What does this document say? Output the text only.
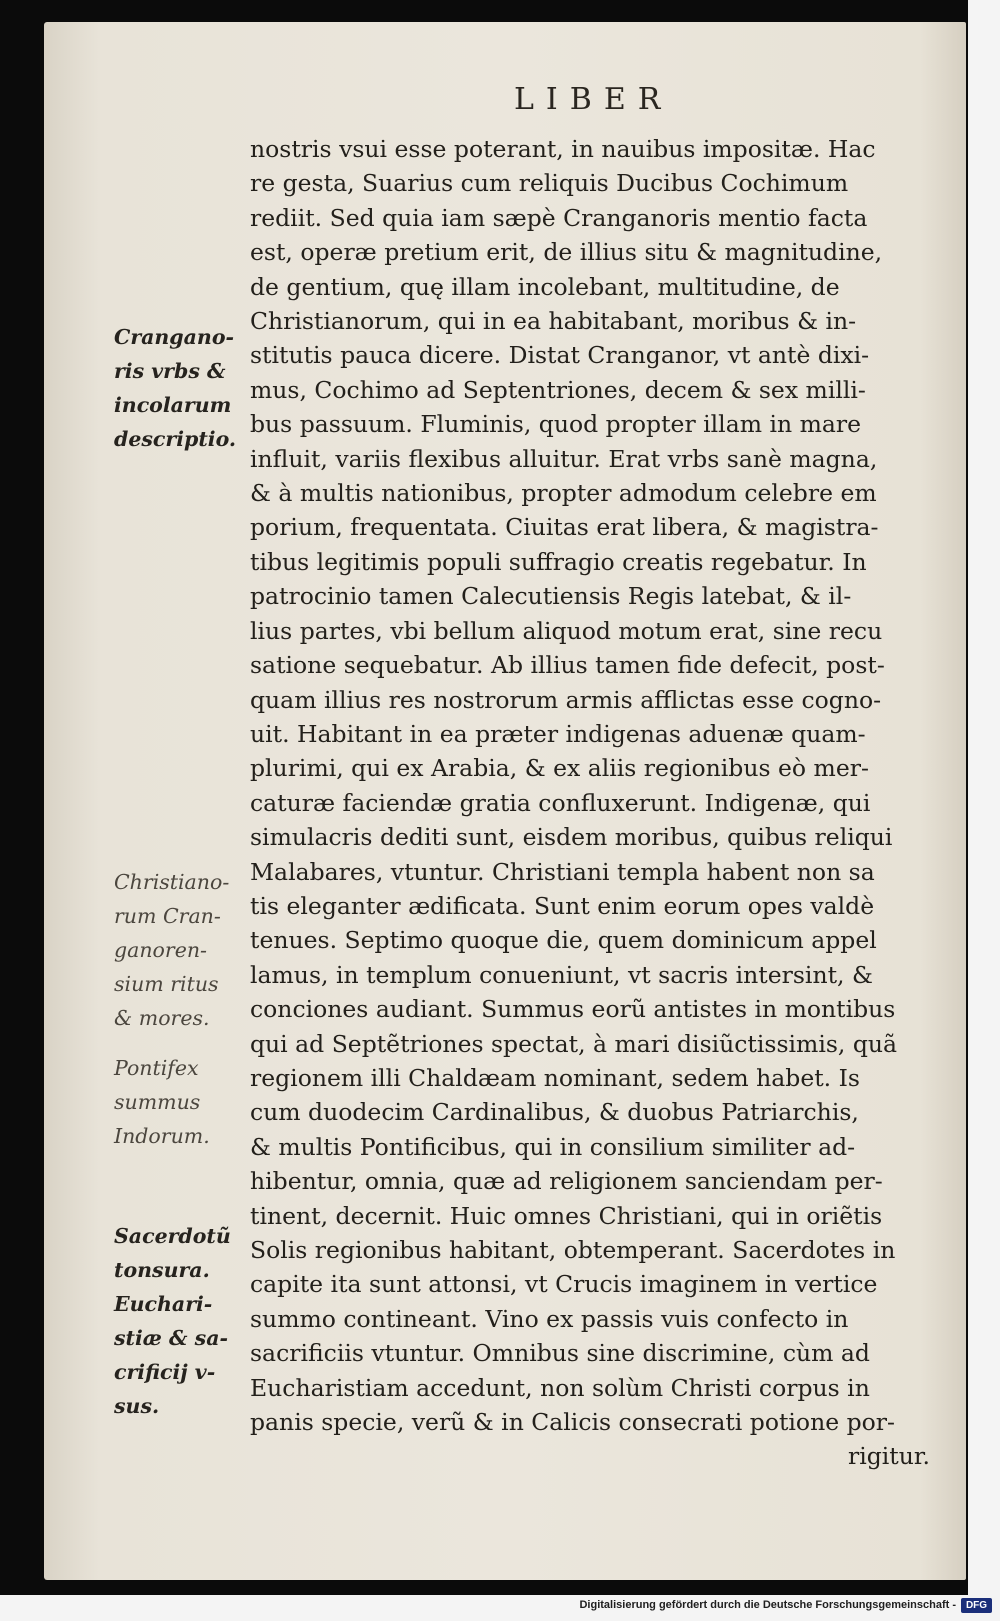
LIBER
nostris vsui esse poterant, in nauibus impositæ. Hac
re gesta, Suarius cum reliquis Ducibus Cochimum
rediit. Sed quia iam sæpè Cranganoris mentio facta
est, operæ pretium erit, de illius situ & magnitudine,
de gentium, quę illam incolebant, multitudine, de
Christianorum, qui in ea habitabant, moribus & in-
stitutis pauca dicere. Distat Cranganor, vt antè dixi-
mus, Cochimo ad Septentriones, decem & sex milli-
bus passuum. Fluminis, quod propter illam in mare
influit, variis flexibus alluitur. Erat vrbs sanè magna,
& à multis nationibus, propter admodum celebre em
porium, frequentata. Ciuitas erat libera, & magistra-
tibus legitimis populi suffragio creatis regebatur. In
patrocinio tamen Calecutiensis Regis latebat, & il-
lius partes, vbi bellum aliquod motum erat, sine recu
satione sequebatur. Ab illius tamen fide defecit, post-
quam illius res nostrorum armis afflictas esse cogno-
uit. Habitant in ea præter indigenas aduenæ quam-
plurimi, qui ex Arabia, & ex aliis regionibus eò mer-
caturæ faciendæ gratia confluxerunt. Indigenæ, qui
simulacris dediti sunt, eisdem moribus, quibus reliqui
Malabares, vtuntur. Christiani templa habent non sa
tis eleganter ædificata. Sunt enim eorum opes valdè
tenues. Septimo quoque die, quem dominicum appel
lamus, in templum conueniunt, vt sacris intersint, &
conciones audiant. Summus eorũ antistes in montibus
qui ad Septẽtriones spectat, à mari disiũctissimis, quã
regionem illi Chaldæam nominant, sedem habet. Is
cum duodecim Cardinalibus, & duobus Patriarchis,
& multis Pontificibus, qui in consilium similiter ad-
hibentur, omnia, quæ ad religionem sanciendam per-
tinent, decernit. Huic omnes Christiani, qui in oriẽtis
Solis regionibus habitant, obtemperant. Sacerdotes in
capite ita sunt attonsi, vt Crucis imaginem in vertice
summo contineant. Vino ex passis vuis confecto in
sacrificiis vtuntur. Omnibus sine discrimine, cùm ad
Eucharistiam accedunt, non solùm Christi corpus in
panis specie, verũ & in Calicis consecrati potione por-
rigitur.
Crangano-
ris vrbs &
incolarum
descriptio.
Christiano-
rum Cran-
ganoren-
sium ritus
& mores.
Pontifex
summus
Indorum.
Sacerdotũ
tonsura.
Euchari-
stiæ & sa-
crificij v-
sus.
Digitalisierung gefördert durch die Deutsche Forschungsgemeinschaft - DFG
